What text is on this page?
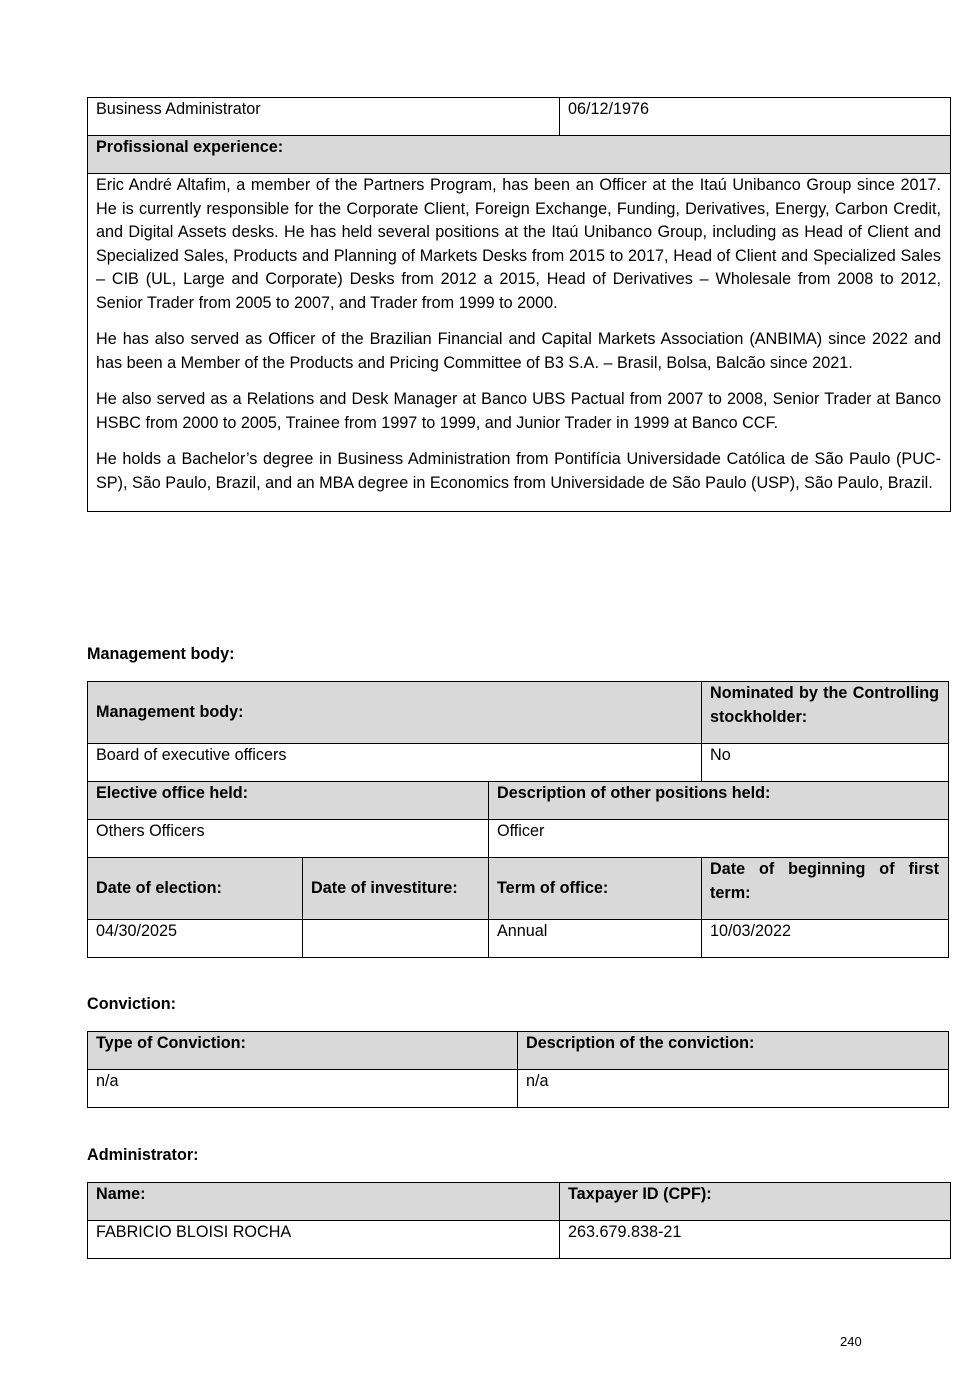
Business Administrator	06/12/1976
Profissional experience:

Eric André Altafim, a member of the Partners Program, has been an Officer at the Itaú Unibanco Group since 2017. He is currently responsible for the Corporate Client, Foreign Exchange, Funding, Derivatives, Energy, Carbon Credit, and Digital Assets desks. He has held several positions at the Itaú Unibanco Group, including as Head of Client and Specialized Sales, Products and Planning of Markets Desks from 2015 to 2017, Head of Client and Specialized Sales – CIB (UL, Large and Corporate) Desks from 2012 a 2015, Head of Derivatives – Wholesale from 2008 to 2012, Senior Trader from 2005 to 2007, and Trader from 1999 to 2000.

He has also served as Officer of the Brazilian Financial and Capital Markets Association (ANBIMA) since 2022 and has been a Member of the Products and Pricing Committee of B3 S.A. – Brasil, Bolsa, Balcão since 2021.

He also served as a Relations and Desk Manager at Banco UBS Pactual from 2007 to 2008, Senior Trader at Banco HSBC from 2000 to 2005, Trainee from 1997 to 1999, and Junior Trader in 1999 at Banco CCF.

He holds a Bachelor’s degree in Business Administration from Pontifícia Universidade Católica de São Paulo (PUC-SP), São Paulo, Brazil, and an MBA degree in Economics from Universidade de São Paulo (USP), São Paulo, Brazil.

Management body:
Management body:			Nominated by the Controlling stockholder:
Board of executive officers			No
Elective office held:		Description of other positions held:	
Others Officers		Officer	
Date of election:	Date of investiture:	Term of office:	Date of beginning of first term:
04/30/2025		Annual	10/03/2022
Conviction:
Type of Conviction:	Description of the conviction:
n/a	n/a
Administrator:
Name:	Taxpayer ID (CPF):
FABRICIO BLOISI ROCHA	263.679.838-21
240
